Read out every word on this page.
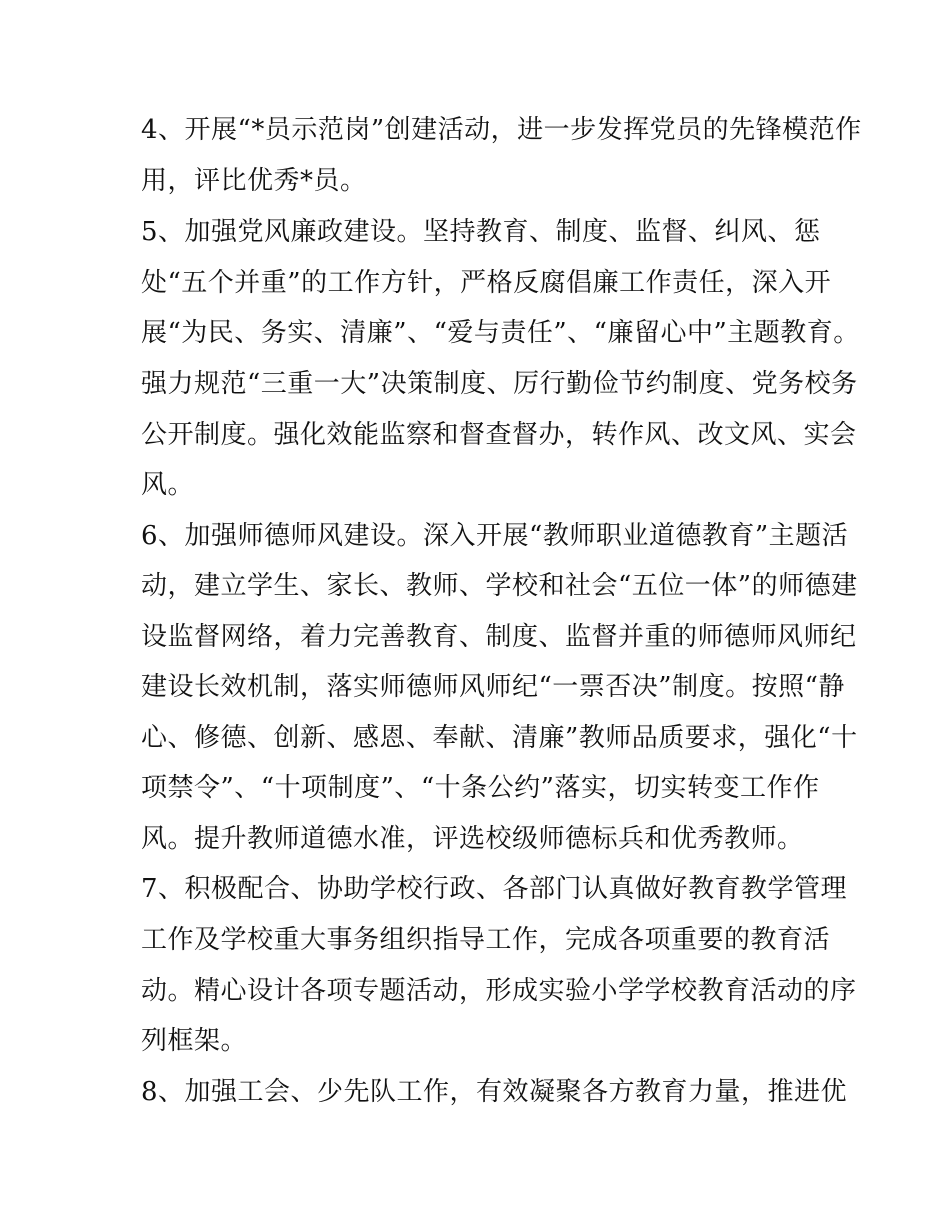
4、开展“*员示范岗”创建活动，进一步发挥党员的先锋模范作
用，评比优秀*员。
5、加强党风廉政建设。坚持教育、制度、监督、纠风、惩
处“五个并重”的工作方针，严格反腐倡廉工作责任，深入开
展“为民、务实、清廉”、“爱与责任”、“廉留心中”主题教育。
强力规范“三重一大”决策制度、厉行勤俭节约制度、党务校务
公开制度。强化效能监察和督查督办，转作风、改文风、实会
风。
6、加强师德师风建设。深入开展“教师职业道德教育”主题活
动，建立学生、家长、教师、学校和社会“五位一体”的师德建
设监督网络，着力完善教育、制度、监督并重的师德师风师纪
建设长效机制，落实师德师风师纪“一票否决”制度。按照“静
心、修德、创新、感恩、奉献、清廉”教师品质要求，强化“十
项禁令”、“十项制度”、“十条公约”落实，切实转变工作作
风。提升教师道德水准，评选校级师德标兵和优秀教师。
7、积极配合、协助学校行政、各部门认真做好教育教学管理
工作及学校重大事务组织指导工作，完成各项重要的教育活
动。精心设计各项专题活动，形成实验小学学校教育活动的序
列框架。
8、加强工会、少先队工作，有效凝聚各方教育力量，推进优
